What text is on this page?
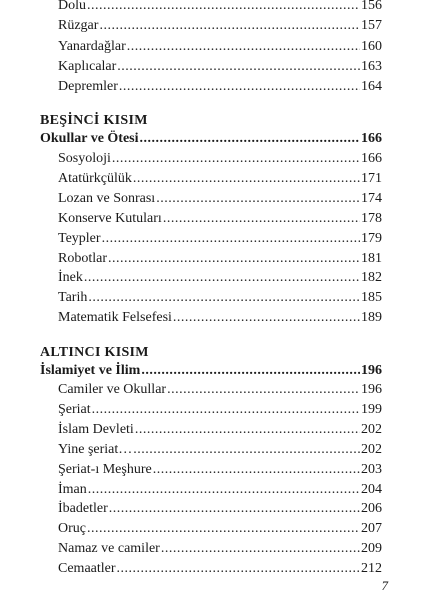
Dolu .....	156
Rüzgar .....	157
Yanardağlar .....	160
Kaplıcalar .....	163
Depremler .....	164
BEŞİNCİ KISIM
Okullar ve Ötesi .....	166
Sosyoloji .....	166
Atatürkçülük .....	171
Lozan ve Sonrası .....	174
Konserve Kutuları .....	178
Teypler .....	179
Robotlar .....	181
İnek .....	182
Tarih .....	185
Matematik Felsefesi .....	189
ALTINCI KISIM
İslamiyet ve İlim .....	196
Camiler ve Okullar .....	196
Şeriat .....	199
İslam Devleti .....	202
Yine şeriat… .....	202
Şeriat-ı Meşhure .....	203
İman .....	204
İbadetler .....	206
Oruç .....	207
Namaz ve camiler .....	209
Cemaatler .....	212
7
